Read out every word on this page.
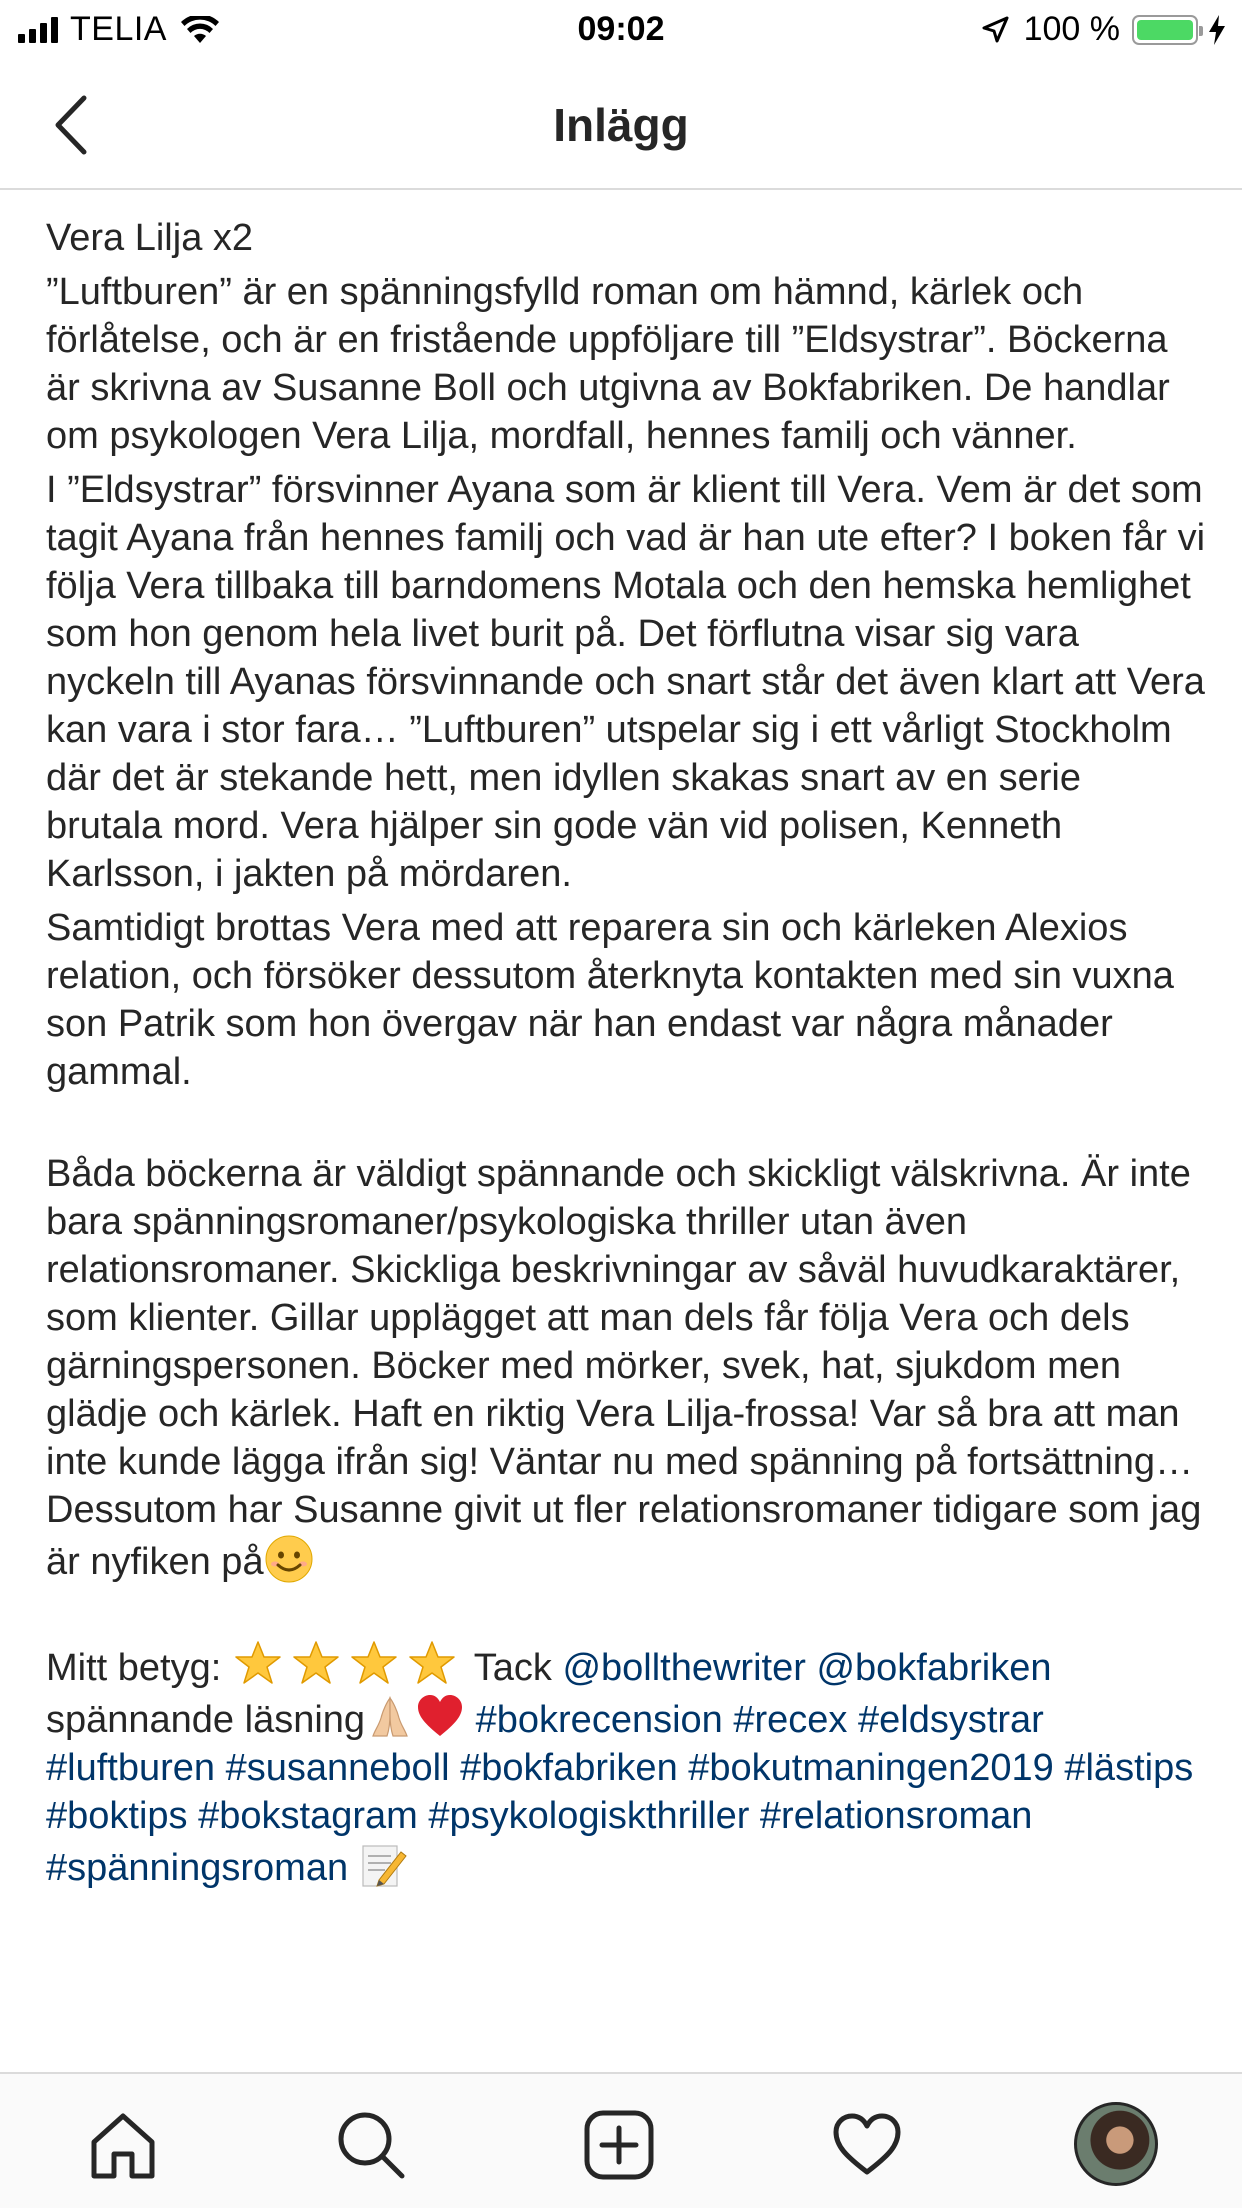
TELIA	09:02	100 %
Inlägg

Vera Lilja x2

”Luftburen” är en spänningsfylld roman om hämnd, kärlek och förlåtelse, och är en fristående uppföljare till ”Eldsystrar”. Böckerna är skrivna av Susanne Boll och utgivna av Bokfabriken. De handlar om psykologen Vera Lilja, mordfall, hennes familj och vänner.

I ”Eldsystrar” försvinner Ayana som är klient till Vera. Vem är det som tagit Ayana från hennes familj och vad är han ute efter? I boken får vi följa Vera tillbaka till barndomens Motala och den hemska hemlighet som hon genom hela livet burit på. Det förflutna visar sig vara nyckeln till Ayanas försvinnande och snart står det även klart att Vera kan vara i stor fara… ”Luftburen” utspelar sig i ett vårligt Stockholm där det är stekande hett, men idyllen skakas snart av en serie brutala mord. Vera hjälper sin gode vän vid polisen, Kenneth Karlsson, i jakten på mördaren.

Samtidigt brottas Vera med att reparera sin och kärleken Alexios relation, och försöker dessutom återknyta kontakten med sin vuxna son Patrik som hon övergav när han endast var några månader gammal.

Båda böckerna är väldigt spännande och skickligt välskrivna. Är inte bara spänningsromaner/psykologiska thriller utan även relationsromaner. Skickliga beskrivningar av såväl huvudkaraktärer, som klienter. Gillar upplägget att man dels får följa Vera och dels gärningspersonen. Böcker med mörker, svek, hat, sjukdom men glädje och kärlek. Haft en riktig Vera Lilja-frossa! Var så bra att man inte kunde lägga ifrån sig! Väntar nu med spänning på fortsättning… Dessutom har Susanne givit ut fler relationsromaner tidigare som jag är nyfiken på

Mitt betyg:	Tack @bollthewriter @bokfabriken spännande läsning	#bokrecension #recex #eldsystrar #luftburen #susanneboll #bokfabriken #bokutmaningen2019 #lästips #boktips #bokstagram #psykologiskthriller #relationsroman #spänningsroman
